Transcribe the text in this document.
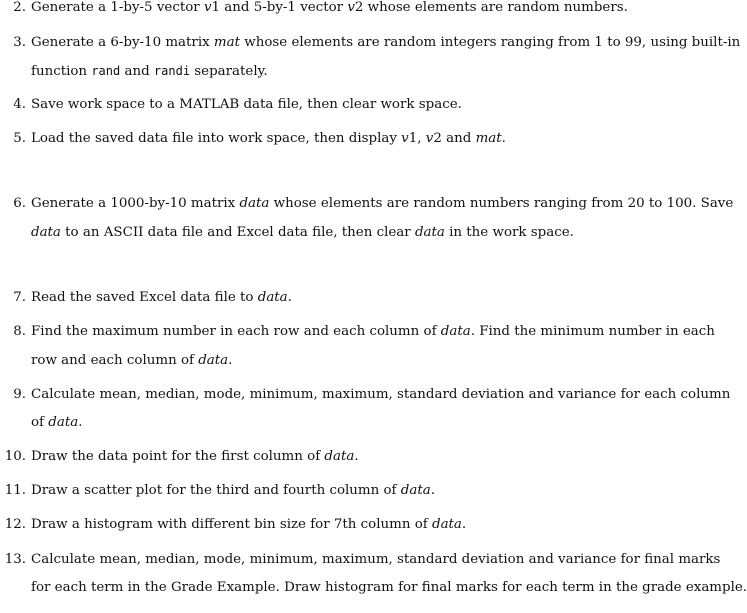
2. Generate a 1-by-5 vector v1 and 5-by-1 vector v2 whose elements are random numbers.
3. Generate a 6-by-10 matrix mat whose elements are random integers ranging from 1 to 99, using built-in
function rand and randi separately.
4. Save work space to a MATLAB data file, then clear work space.
5. Load the saved data file into work space, then display v1, v2 and mat.
6. Generate a 1000-by-10 matrix data whose elements are random numbers ranging from 20 to 100. Save
data to an ASCII data file and Excel data file, then clear data in the work space.
7. Read the saved Excel data file to data.
8. Find the maximum number in each row and each column of data. Find the minimum number in each
row and each column of data.
9. Calculate mean, median, mode, minimum, maximum, standard deviation and variance for each column
of data.
10. Draw the data point for the first column of data.
11. Draw a scatter plot for the third and fourth column of data.
12. Draw a histogram with different bin size for 7th column of data.
13. Calculate mean, median, mode, minimum, maximum, standard deviation and variance for final marks
for each term in the Grade Example. Draw histogram for final marks for each term in the grade example.
